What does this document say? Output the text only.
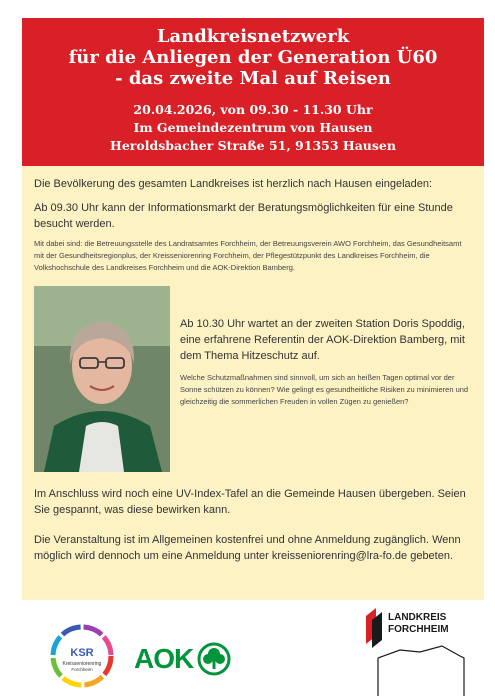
Landkreisnetzwerk
für die Anliegen der Generation Ü60
- das zweite Mal auf Reisen
20.04.2026, von 09.30 - 11.30 Uhr
Im Gemeindezentrum von Hausen
Heroldsbacher Straße 51, 91353 Hausen

Die Bevölkerung des gesamten Landkreises ist herzlich nach Hausen eingeladen:

Ab 09.30 Uhr kann der Informationsmarkt der Beratungsmöglichkeiten für eine Stunde besucht werden.

Mit dabei sind: die Betreuungsstelle des Landratsamtes Forchheim, der Betreuungsverein AWO Forchheim, das Gesundheitsamt mit der Gesundheitsregionplus, der Kreisseniorenring Forchheim, der Pflegestützpunkt des Landkreises Forchheim, die Volkshochschule des Landkreises Forchheim und die AOK-Direktion Bamberg.

Ab 10.30 Uhr wartet an der zweiten Station Doris Spoddig, eine erfahrene Referentin der AOK-Direktion Bamberg, mit dem Thema Hitzeschutz auf.

Welche Schutzmaßnahmen sind sinnvoll, um sich an heißen Tagen optimal vor der Sonne schützen zu können? Wie gelingt es gesundheitliche Risiken zu minimieren und gleichzeitig die sommerlichen Freuden in vollen Zügen zu genießen?

Im Anschluss wird noch eine UV-Index-Tafel an die Gemeinde Hausen übergeben. Seien Sie gespannt, was diese bewirken kann.

Die Veranstaltung ist im Allgemeinen kostenfrei und ohne Anmeldung zugänglich. Wenn möglich wird dennoch um eine Anmeldung unter kreisseniorenring@lra-fo.de gebeten.

KSR
Kreisseniorenring
Forchheim AOK
LANDKREIS
FORCHHEIM
